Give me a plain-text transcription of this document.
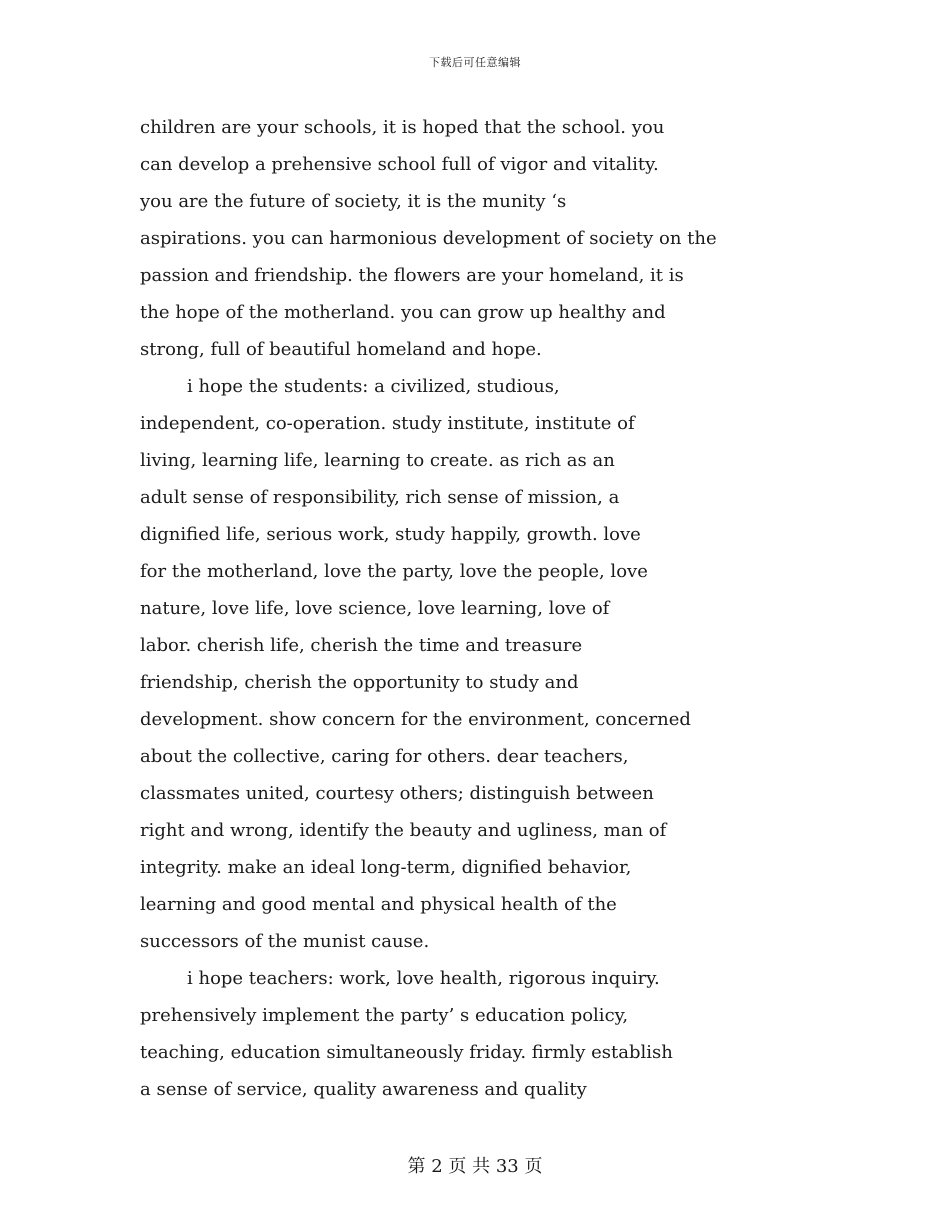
下载后可任意编辑
children are your schools, it is hoped that the school. you
can develop a prehensive school full of vigor and vitality.
you are the future of society, it is the munity ‘s
aspirations. you can harmonious development of society on the
passion and friendship. the flowers are your homeland, it is
the hope of the motherland. you can grow up healthy and
strong, full of beautiful homeland and hope.
i hope the students: a civilized, studious,
independent, co-operation. study institute, institute of
living, learning life, learning to create. as rich as an
adult sense of responsibility, rich sense of mission, a
dignified life, serious work, study happily, growth. love
for the motherland, love the party, love the people, love
nature, love life, love science, love learning, love of
labor. cherish life, cherish the time and treasure
friendship, cherish the opportunity to study and
development. show concern for the environment, concerned
about the collective, caring for others. dear teachers,
classmates united, courtesy others; distinguish between
right and wrong, identify the beauty and ugliness, man of
integrity. make an ideal long-term, dignified behavior,
learning and good mental and physical health of the
successors of the munist cause.
i hope teachers: work, love health, rigorous inquiry.
prehensively implement the party’ s education policy,
teaching, education simultaneously friday. firmly establish
a sense of service, quality awareness and quality
第 2 页 共 33 页
